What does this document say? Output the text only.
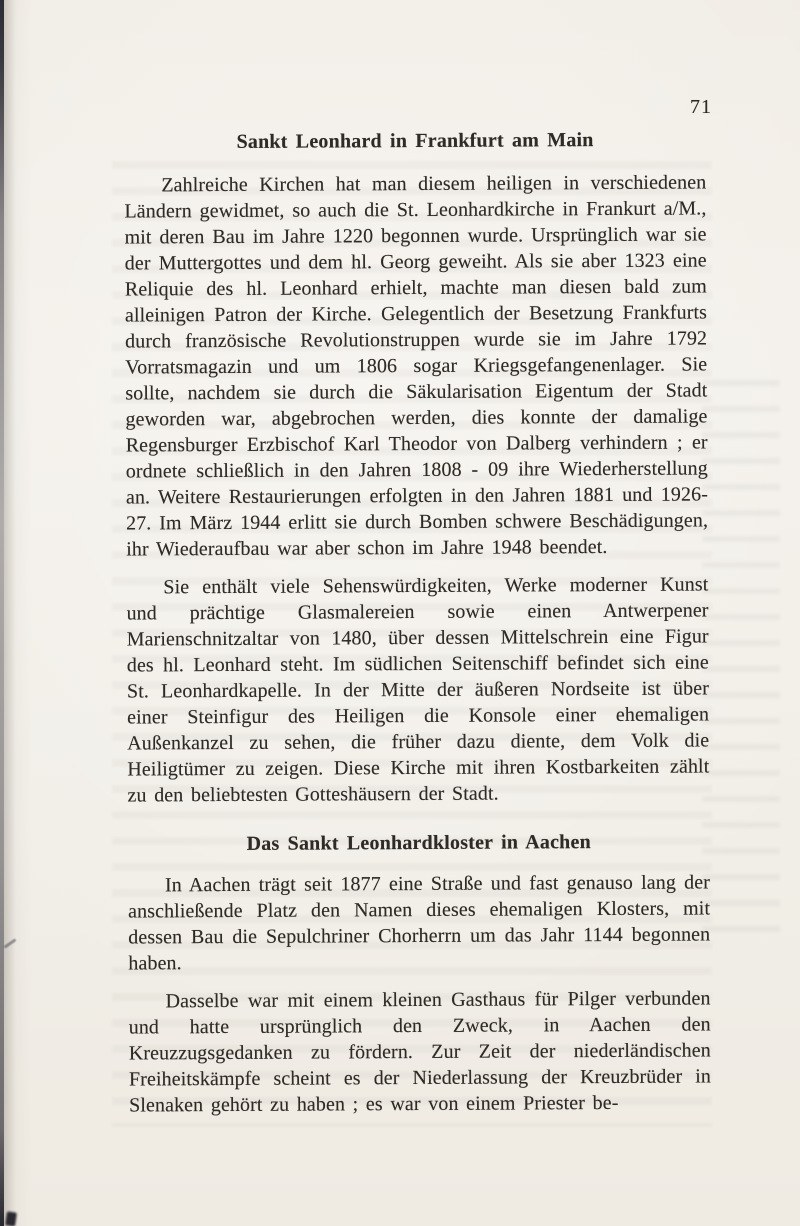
71
Sankt Leonhard in Frankfurt am Main

Zahlreiche Kirchen hat man diesem heiligen in verschiedenen Ländern gewidmet, so auch die St. Leonhardkirche in Frankurt a/M., mit deren Bau im Jahre 1220 begonnen wurde. Ursprünglich war sie der Muttergottes und dem hl. Georg geweiht. Als sie aber 1323 eine Reliquie des hl. Leonhard erhielt, machte man diesen bald zum alleinigen Patron der Kirche. Gelegentlich der Besetzung Frankfurts durch französische Revolutionstruppen wurde sie im Jahre 1792 Vorratsmagazin und um 1806 sogar Kriegsgefangenenlager. Sie sollte, nachdem sie durch die Säkularisation Eigentum der Stadt geworden war, abgebrochen werden, dies konnte der damalige Regensburger Erzbischof Karl Theodor von Dalberg verhindern ; er ordnete schließlich in den Jahren 1808 - 09 ihre Wiederherstellung an. Weitere Restaurierungen erfolgten in den Jahren 1881 und 1926-27. Im März 1944 erlitt sie durch Bomben schwere Beschädigungen, ihr Wiederaufbau war aber schon im Jahre 1948 beendet.

Sie enthält viele Sehenswürdigkeiten, Werke moderner Kunst und prächtige Glasmalereien sowie einen Antwerpener Marienschnitzaltar von 1480, über dessen Mittelschrein eine Figur des hl. Leonhard steht. Im südlichen Seitenschiff befindet sich eine St. Leonhardkapelle. In der Mitte der äußeren Nordseite ist über einer Steinfigur des Heiligen die Konsole einer ehemaligen Außenkanzel zu sehen, die früher dazu diente, dem Volk die Heiligtümer zu zeigen. Diese Kirche mit ihren Kostbarkeiten zählt zu den beliebtesten Gotteshäusern der Stadt.

Das Sankt Leonhardkloster in Aachen

In Aachen trägt seit 1877 eine Straße und fast genauso lang der anschließende Platz den Namen dieses ehemaligen Klosters, mit dessen Bau die Sepulchriner Chorherrn um das Jahr 1144 begonnen haben.

Dasselbe war mit einem kleinen Gasthaus für Pilger verbunden und hatte ursprünglich den Zweck, in Aachen den Kreuzzugsgedanken zu fördern. Zur Zeit der niederländischen Freiheitskämpfe scheint es der Niederlassung der Kreuzbrüder in Slenaken gehört zu haben ; es war von einem Priester be-
